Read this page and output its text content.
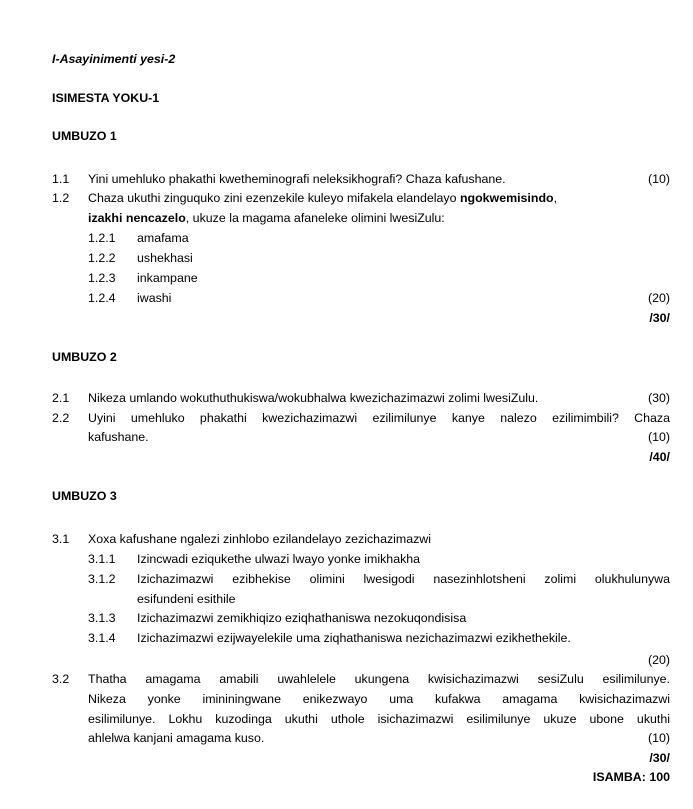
I-Asayinimenti yesi-2
ISIMESTA YOKU-1
UMBUZO 1
1.1 Yini umehluko phakathi kwetheminografi neleksikhografi? Chaza kafushane.	(10)
1.2 Chaza ukuthi zinguquko zini ezenzekile kuleyo mifakela elandelayo ngokwemisindo,
izakhi nencazelo, ukuze la magama afaneleke olimini lwesiZulu:
1.2.1 amafama
1.2.2 ushekhasi
1.2.3 inkampane
1.2.4 iwashi	(20)
/30/
UMBUZO 2
2.1 Nikeza umlando wokuthuthukiswa/wokubhalwa kwezichazimazwi zolimi lwesiZulu.	(30)
2.2 Uyini umehluko phakathi kwezichazimazwi ezilimilunye kanye nalezo ezilimimbili? Chaza
kafushane.	(10)
/40/
UMBUZO 3
3.1 Xoxa kafushane ngalezi zinhlobo ezilandelayo zezichazimazwi
3.1.1 Izincwadi eziqukethe ulwazi lwayo yonke imikhakha
3.1.2 Izichazimazwi ezibhekise olimini lwesigodi nasezinhlotsheni zolimi olukhulunywa
esifundeni esithile
3.1.3 Izichazimazwi zemikhiqizo eziqhathaniswa nezokuqondisisa
3.1.4 Izichazimazwi ezijwayelekile uma ziqhathaniswa nezichazimazwi ezikhethekile.
(20)
3.2 Thatha amagama amabili uwahlelele ukungena kwisichazimazwi sesiZulu esilimilunye.
Nikeza yonke imininingwane enikezwayo uma kufakwa amagama kwisichazimazwi
esilimilunye. Lokhu kuzodinga ukuthi uthole isichazimazwi esilimilunye ukuze ubone ukuthi
ahlelwa kanjani amagama kuso.	(10)
/30/
ISAMBA: 100
